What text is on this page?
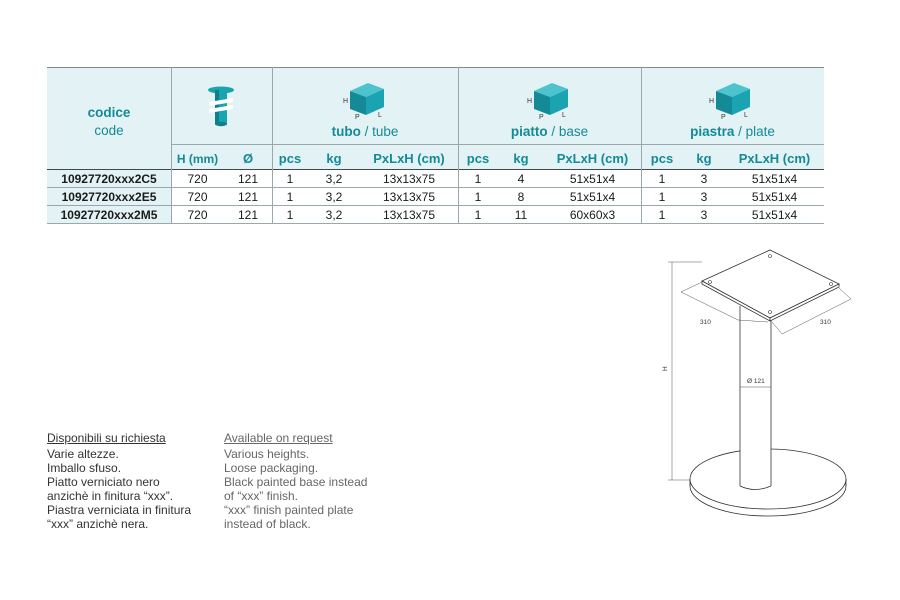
codice
code
H
P	L
H
P	L
H
P	L
tubo / tube	piatto / base	piastra / plate
H (mm)	Ø	pcs	kg	PxLxH (cm)	pcs	kg	PxLxH (cm)	pcs	kg	PxLxH (cm)
10927720xxx2C5	720	121	1	3,2	13x13x75	1	4	51x51x4	1	3	51x51x4
10927720xxx2E5	720	121	1	3,2	13x13x75	1	8	51x51x4	1	3	51x51x4
10927720xxx2M5	720	121	1	3,2	13x13x75	1	11	60x60x3	1	3	51x51x4
Disponibili su richiesta
Varie altezze.
Imballo sfuso.
Piatto verniciato nero
anzichè in finitura “xxx”.
Piastra verniciata in finitura
“xxx” anzichè nera.
Available on request
Various heights.
Loose packaging.
Black painted base instead
of “xxx” finish.
“xxx” finish painted plate
instead of black.
310	310
H
Ø 121
